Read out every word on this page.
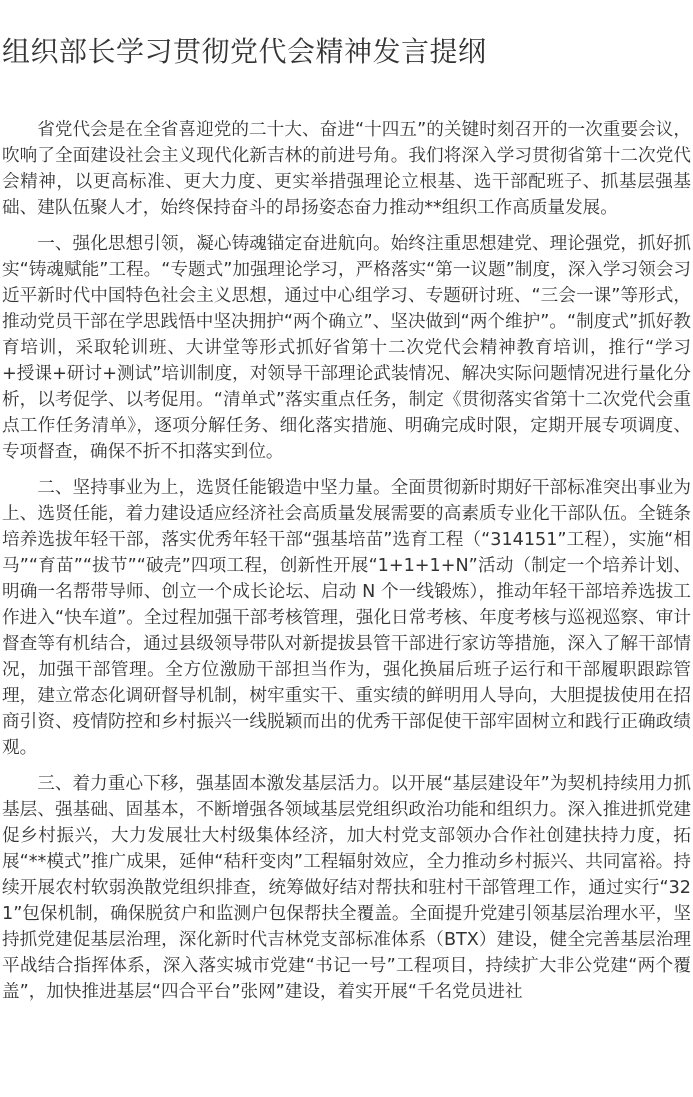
组织部长学习贯彻党代会精神发言提纲

省党代会是在全省喜迎党的二十大、奋进“十四五”的关键时刻召开的一次重要会议，吹响了全面建设社会主义现代化新吉林的前进号角。我们将深入学习贯彻省第十二次党代会精神，以更高标准、更大力度、更实举措强理论立根基、选干部配班子、抓基层强基础、建队伍聚人才，始终保持奋斗的昂扬姿态奋力推动**组织工作高质量发展。

一、强化思想引领，凝心铸魂锚定奋进航向。始终注重思想建党、理论强党，抓好抓实“铸魂赋能”工程。“专题式”加强理论学习，严格落实“第一议题”制度，深入学习领会习近平新时代中国特色社会主义思想，通过中心组学习、专题研讨班、“三会一课”等形式，推动党员干部在学思践悟中坚决拥护“两个确立”、坚决做到“两个维护”。“制度式”抓好教育培训，采取轮训班、大讲堂等形式抓好省第十二次党代会精神教育培训，推行“学习+授课+研讨+测试”培训制度，对领导干部理论武装情况、解决实际问题情况进行量化分析，以考促学、以考促用。“清单式”落实重点任务，制定《贯彻落实省第十二次党代会重点工作任务清单》，逐项分解任务、细化落实措施、明确完成时限，定期开展专项调度、专项督查，确保不折不扣落实到位。

二、坚持事业为上，选贤任能锻造中坚力量。全面贯彻新时期好干部标准突出事业为上、选贤任能，着力建设适应经济社会高质量发展需要的高素质专业化干部队伍。全链条培养选拔年轻干部，落实优秀年轻干部“强基培苗”选育工程（“314151”工程），实施“相马”“育苗”“拔节”“破壳”四项工程，创新性开展“1+1+1+N”活动（制定一个培养计划、明确一名帮带导师、创立一个成长论坛、启动 N 个一线锻炼），推动年轻干部培养选拔工作进入“快车道”。全过程加强干部考核管理，强化日常考核、年度考核与巡视巡察、审计督查等有机结合，通过县级领导带队对新提拔县管干部进行家访等措施，深入了解干部情况，加强干部管理。全方位激励干部担当作为，强化换届后班子运行和干部履职跟踪管理，建立常态化调研督导机制，树牢重实干、重实绩的鲜明用人导向，大胆提拔使用在招商引资、疫情防控和乡村振兴一线脱颖而出的优秀干部促使干部牢固树立和践行正确政绩观。

三、着力重心下移，强基固本激发基层活力。以开展“基层建设年”为契机持续用力抓基层、强基础、固基本，不断增强各领域基层党组织政治功能和组织力。深入推进抓党建促乡村振兴，大力发展壮大村级集体经济，加大村党支部领办合作社创建扶持力度，拓展“**模式”推广成果，延伸“秸秆变肉”工程辐射效应，全力推动乡村振兴、共同富裕。持续开展农村软弱涣散党组织排查，统筹做好结对帮扶和驻村干部管理工作，通过实行“321”包保机制，确保脱贫户和监测户包保帮扶全覆盖。全面提升党建引领基层治理水平，坚持抓党建促基层治理，深化新时代吉林党支部标准体系（BTX）建设，健全完善基层治理平战结合指挥体系，深入落实城市党建“书记一号”工程项目，持续扩大非公党建“两个覆盖”，加快推进基层“四合平台”张网”建设，着实开展“千名党员进社
